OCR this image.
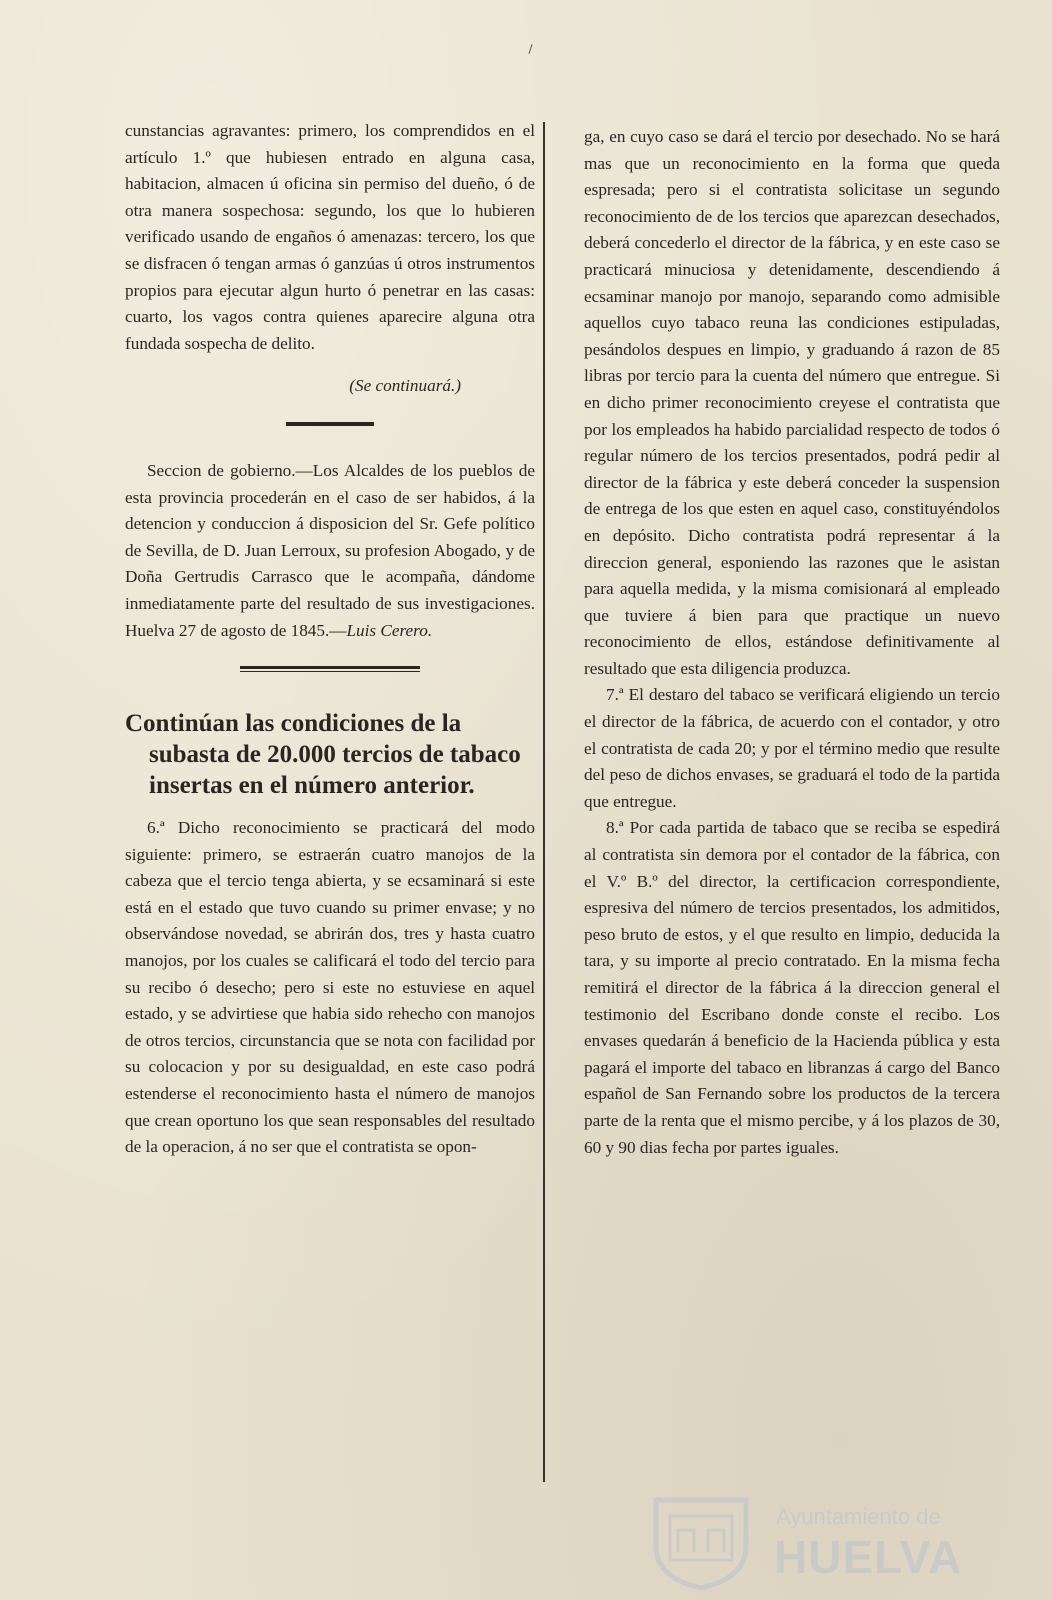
cunstancias agravantes: primero, los comprendidos en el artículo 1.º que hubiesen entrado en alguna casa, habitacion, almacen ú oficina sin permiso del dueño, ó de otra manera sospechosa: segundo, los que lo hubieren verificado usando de engaños ó amenazas: tercero, los que se disfracen ó tengan armas ó ganzúas ú otros instrumentos propios para ejecutar algun hurto ó penetrar en las casas: cuarto, los vagos contra quienes aparecire alguna otra fundada sospecha de delito.

(Se continuará.)

Seccion de gobierno.—Los Alcaldes de los pueblos de esta provincia procederán en el caso de ser habidos, á la detencion y conduccion á disposicion del Sr. Gefe político de Sevilla, de D. Juan Lerroux, su profesion Abogado, y de Doña Gertrudis Carrasco que le acompaña, dándome inmediatamente parte del resultado de sus investigaciones. Huelva 27 de agosto de 1845.—Luis Cerero.

Continúan las condiciones de la subasta de 20.000 tercios de tabaco insertas en el número anterior.

6.ª Dicho reconocimiento se practicará del modo siguiente: primero, se estraerán cuatro manojos de la cabeza que el tercio tenga abierta, y se ecsaminará si este está en el estado que tuvo cuando su primer envase; y no observándose novedad, se abrirán dos, tres y hasta cuatro manojos, por los cuales se calificará el todo del tercio para su recibo ó desecho; pero si este no estuviese en aquel estado, y se advirtiese que habia sido rehecho con manojos de otros tercios, circunstancia que se nota con facilidad por su colocacion y por su desigualdad, en este caso podrá estenderse el reconocimiento hasta el número de manojos que crean oportuno los que sean responsables del resultado de la operacion, á no ser que el contratista se opon-

ga, en cuyo caso se dará el tercio por desechado. No se hará mas que un reconocimiento en la forma que queda espresada; pero si el contratista solicitase un segundo reconocimiento de de los tercios que aparezcan desechados, deberá concederlo el director de la fábrica, y en este caso se practicará minuciosa y detenidamente, descendiendo á ecsaminar manojo por manojo, separando como admisible aquellos cuyo tabaco reuna las condiciones estipuladas, pesándolos despues en limpio, y graduando á razon de 85 libras por tercio para la cuenta del número que entregue. Si en dicho primer reconocimiento creyese el contratista que por los empleados ha habido parcialidad respecto de todos ó regular número de los tercios presentados, podrá pedir al director de la fábrica y este deberá conceder la suspension de entrega de los que esten en aquel caso, constituyéndolos en depósito. Dicho contratista podrá representar á la direccion general, esponiendo las razones que le asistan para aquella medida, y la misma comisionará al empleado que tuviere á bien para que practique un nuevo reconocimiento de ellos, estándose definitivamente al resultado que esta diligencia produzca.

7.ª El destaro del tabaco se verificará eligiendo un tercio el director de la fábrica, de acuerdo con el contador, y otro el contratista de cada 20; y por el término medio que resulte del peso de dichos envases, se graduará el todo de la partida que entregue.

8.ª Por cada partida de tabaco que se reciba se espedirá al contratista sin demora por el contador de la fábrica, con el V.º B.º del director, la certificacion correspondiente, espresiva del número de tercios presentados, los admitidos, peso bruto de estos, y el que resulto en limpio, deducida la tara, y su importe al precio contratado. En la misma fecha remitirá el director de la fábrica á la direccion general el testimonio del Escribano donde conste el recibo. Los envases quedarán á beneficio de la Hacienda pública y esta pagará el importe del tabaco en libranzas á cargo del Banco español de San Fernando sobre los productos de la tercera parte de la renta que el mismo percibe, y á los plazos de 30, 60 y 90 dias fecha por partes iguales.

Ayuntamiento de
HUELVA
